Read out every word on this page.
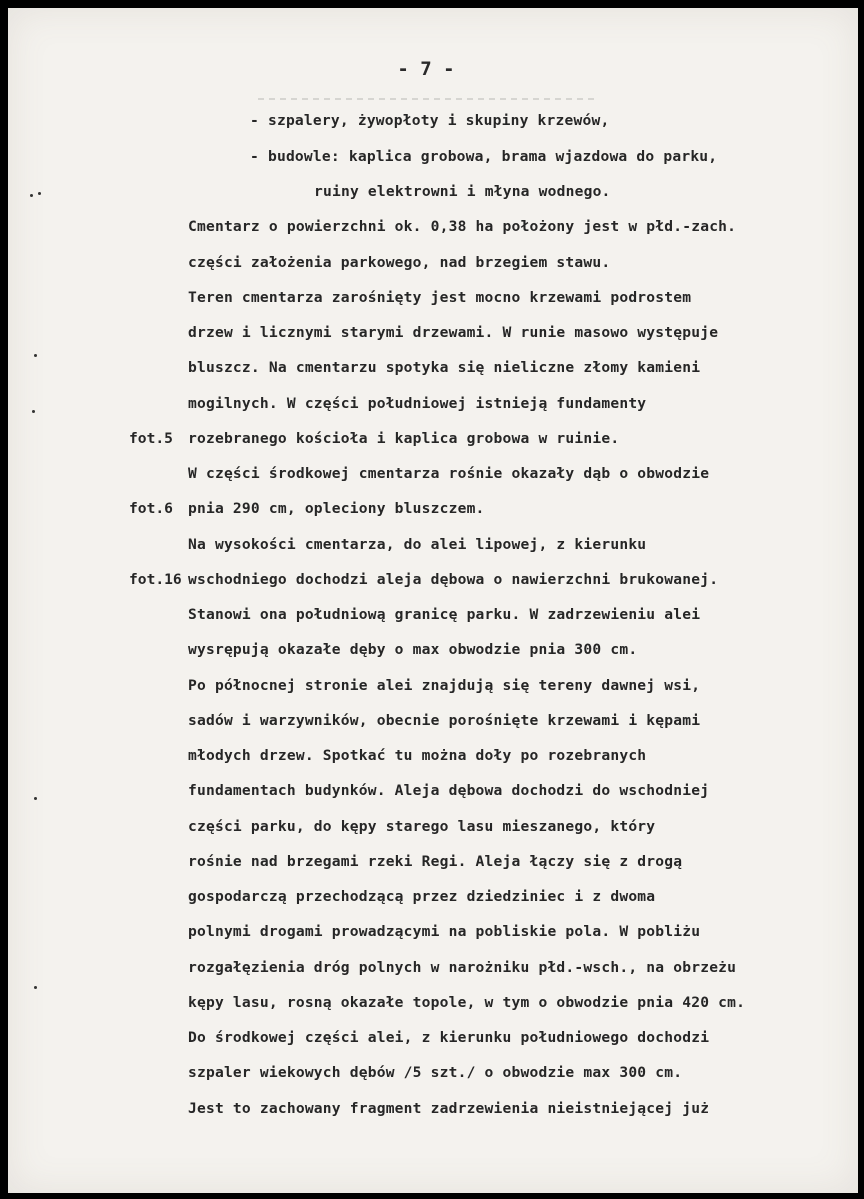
- 7 -
- szpalery, żywopłoty i skupiny krzewów,
- budowle: kaplica grobowa, brama wjazdowa do parku,
ruiny elektrowni i młyna wodnego.
Cmentarz o powierzchni ok. 0,38 ha położony jest w płd.-zach.
części założenia parkowego, nad brzegiem stawu.
Teren cmentarza zarośnięty jest mocno krzewami podrostem
drzew i licznymi starymi drzewami. W runie masowo występuje
bluszcz. Na cmentarzu spotyka się nieliczne złomy kamieni
mogilnych. W części południowej istnieją fundamenty
fot.5 rozebranego kościoła i kaplica grobowa w ruinie.
W części środkowej cmentarza rośnie okazały dąb o obwodzie
fot.6 pnia 290 cm, opleciony bluszczem.
Na wysokości cmentarza, do alei lipowej, z kierunku
fot.16 wschodniego dochodzi aleja dębowa o nawierzchni brukowanej.
Stanowi ona południową granicę parku. W zadrzewieniu alei
wysrępują okazałe dęby o max obwodzie pnia 300 cm.
Po północnej stronie alei znajdują się tereny dawnej wsi,
sadów i warzywników, obecnie porośnięte krzewami i kępami
młodych drzew. Spotkać tu można doły po rozebranych
fundamentach budynków. Aleja dębowa dochodzi do wschodniej
części parku, do kępy starego lasu mieszanego, który
rośnie nad brzegami rzeki Regi. Aleja łączy się z drogą
gospodarczą przechodzącą przez dziedziniec i z dwoma
polnymi drogami prowadzącymi na pobliskie pola. W pobliżu
rozgałęzienia dróg polnych w narożniku płd.-wsch., na obrzeżu
kępy lasu, rosną okazałe topole, w tym o obwodzie pnia 420 cm.
Do środkowej części alei, z kierunku południowego dochodzi
szpaler wiekowych dębów /5 szt./ o obwodzie max 300 cm.
Jest to zachowany fragment zadrzewienia nieistniejącej już
